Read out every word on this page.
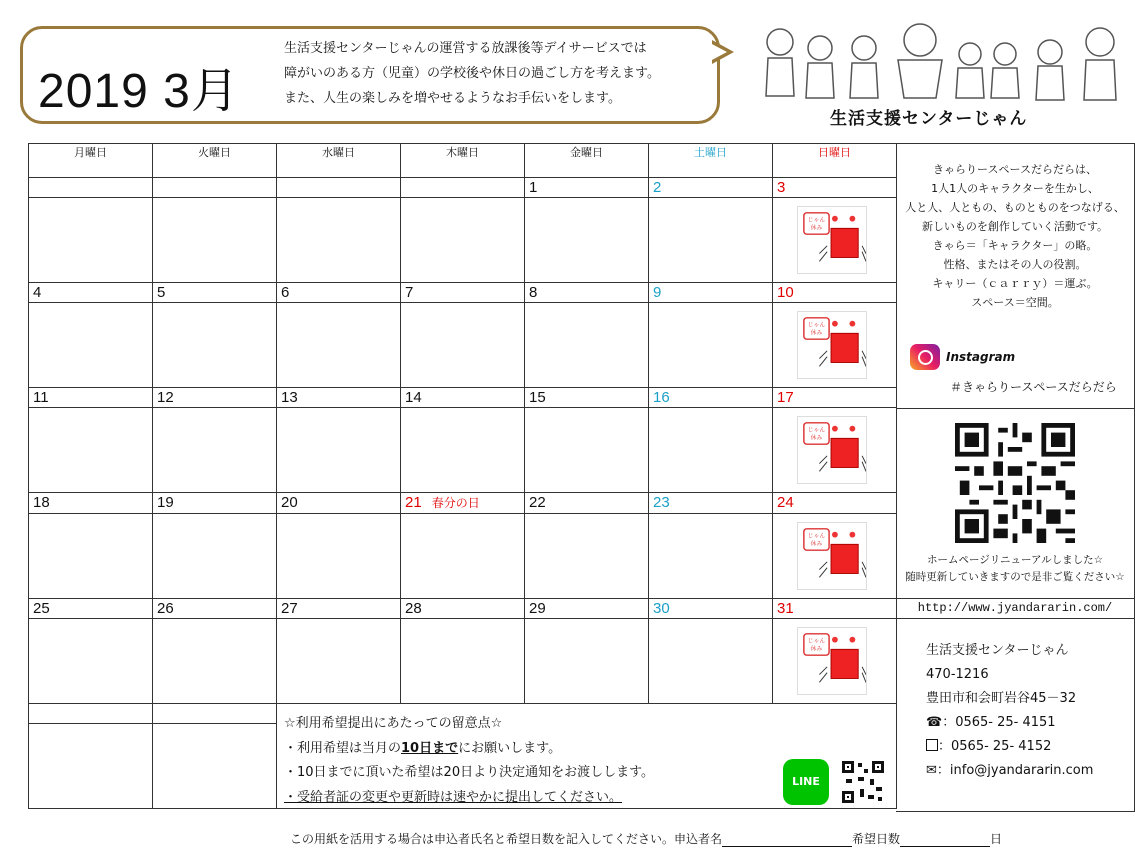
2019 3月
生活支援センターじゃんの運営する放課後等デイサービスでは
障がいのある方（児童）の学校後や休日の過ごし方を考えます。
また、人生の楽しみを増やせるようなお手伝いをします。
生活支援センターじゃん
月曜日	火曜日	水曜日	木曜日	金曜日	土曜日	日曜日
				1	2	3

じゃん
休み

4	5	6	7	8	9	10

じゃん
休み

11	12	13	14	15	16	17

じゃん
休み

18	19	20	21 春分の日	22	23	24

じゃん
休み

25	26	27	28	29	30	31

じゃん
休み

☆利用希望提出にあたっての留意点☆
・利用希望は当月の10日までにお願いします。
・10日までに頂いた希望は20日より決定通知をお渡しします。
・受給者証の変更や更新時は速やかに提出してください。
LINE
きゃらりースペースだらだらは、
1人1人のキャラクターを生かし、
人と人、人ともの、ものとものをつなげる、
新しいものを創作していく活動です。
きゃら＝「キャラクター」の略。
性格、またはその人の役割。
キャリー（ｃａｒｒｙ）＝運ぶ。
スペース＝空間。
Instagram
＃きゃらりースペースだらだら
ホームページリニューアルしました☆
随時更新していきますので是非ご覧ください☆
http://www.jyandararin.com/
生活支援センターじゃん
470-1216
豊田市和会町岩谷45－32
☎：0565‐ 25‐ 4151
：0565‐ 25‐ 4152
✉：info@jyandararin.com
この用紙を活用する場合は申込者氏名と希望日数を記入してください。申込者名	希望日数	日
